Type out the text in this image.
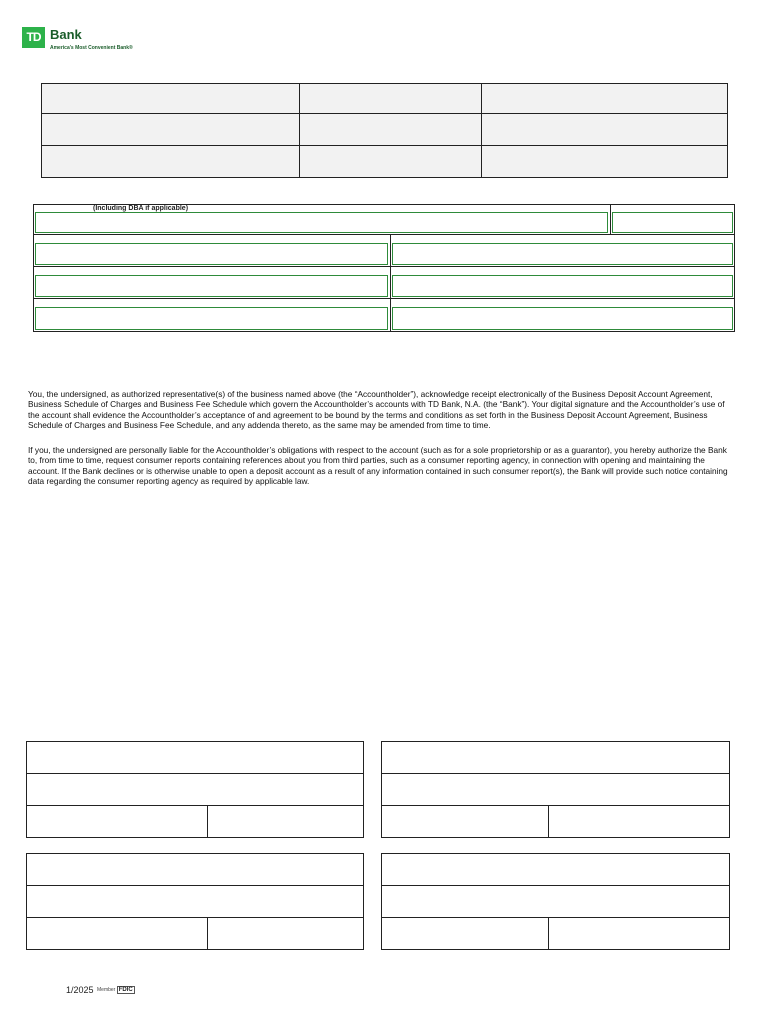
TD Bank
America's Most Convenient Bank®
(Including DBA if applicable)

You, the undersigned, as authorized representative(s) of the business named above (the “Accountholder”), acknowledge receipt electronically of the Business Deposit Account Agreement, Business Schedule of Charges and Business Fee Schedule which govern the Accountholder’s accounts with TD Bank, N.A. (the “Bank”). Your digital signature and the Accountholder’s use of the account shall evidence the Accountholder’s acceptance of and agreement to be bound by the terms and conditions as set forth in the Business Deposit Account Agreement, Business Schedule of Charges and Business Fee Schedule, and any addenda thereto, as the same may be amended from time to time.

If you, the undersigned are personally liable for the Accountholder’s obligations with respect to the account (such as for a sole proprietorship or as a guarantor), you hereby authorize the Bank to, from time to time, request consumer reports containing references about you from third parties, such as a consumer reporting agency, in connection with opening and maintaining the account. If the Bank declines or is otherwise unable to open a deposit account as a result of any information contained in such consumer report(s), the Bank will provide such notice containing data regarding the consumer reporting agency as required by applicable law.

1/2025 Member FDIC
